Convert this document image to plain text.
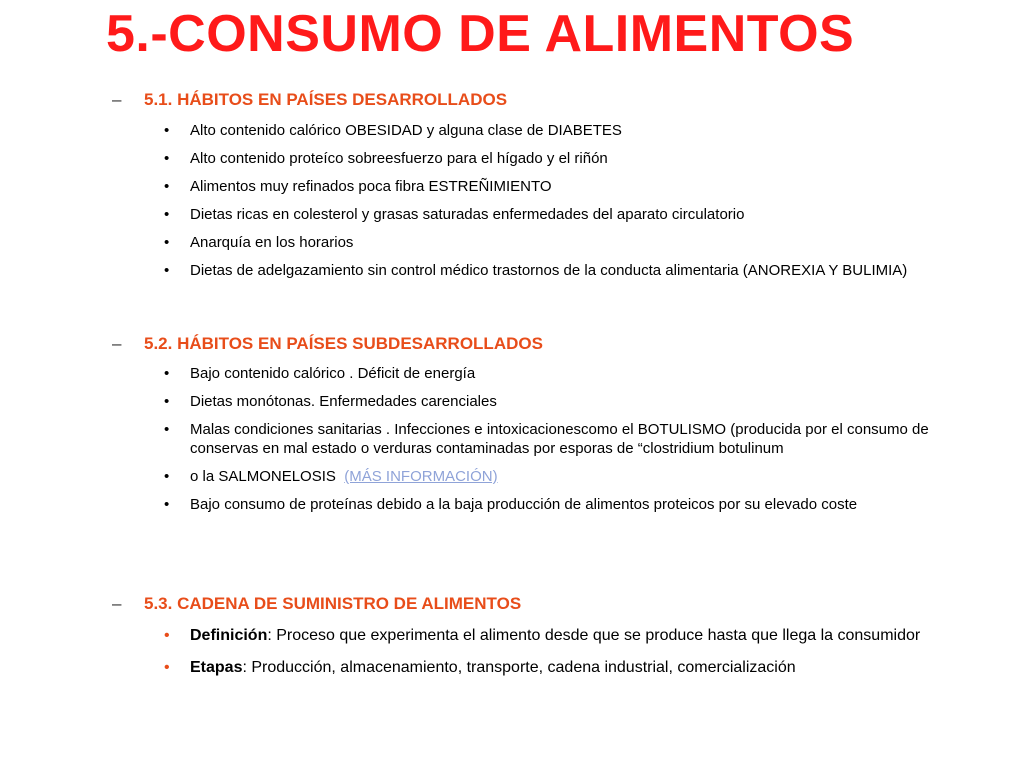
5.-CONSUMO DE ALIMENTOS
– 5.1. HÁBITOS EN PAÍSES DESARROLLADOS
• Alto contenido calórico OBESIDAD y alguna clase de DIABETES
• Alto contenido proteíco sobreesfuerzo para el hígado y el riñón
• Alimentos muy refinados poca fibra ESTREÑIMIENTO
• Dietas ricas en colesterol y grasas saturadas enfermedades del aparato circulatorio
• Anarquía en los horarios
• Dietas de adelgazamiento sin control médico trastornos de la conducta alimentaria (ANOREXIA Y BULIMIA)
– 5.2. HÁBITOS EN PAÍSES SUBDESARROLLADOS
• Bajo contenido calórico . Déficit de energía
• Dietas monótonas. Enfermedades carenciales
• Malas condiciones sanitarias . Infecciones e intoxicacionescomo el BOTULISMO (producida por el consumo de conservas en mal estado o verduras contaminadas por esporas de “clostridium botulinum
• o la SALMONELOSIS  (MÁS INFORMACIÓN)
• Bajo consumo de proteínas debido a la baja producción de alimentos proteicos por su elevado coste
– 5.3. CADENA DE SUMINISTRO DE ALIMENTOS
• Definición: Proceso que experimenta el alimento desde que se produce hasta que llega la consumidor
• Etapas: Producción, almacenamiento, transporte, cadena industrial, comercialización
